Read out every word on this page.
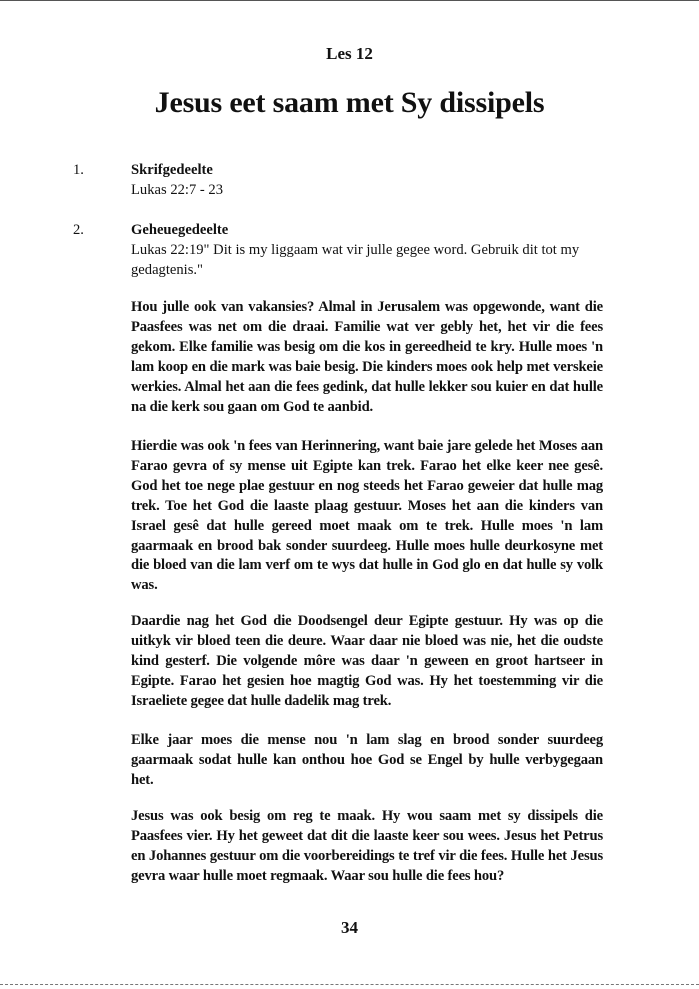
Les 12
Jesus eet saam met Sy dissipels
1.	Skrifgedeelte
Lukas 22:7 - 23
2.	Geheuegedeelte
Lukas 22:19" Dit is my liggaam wat vir julle gegee word. Gebruik dit tot my gedagtenis."
Hou julle ook van vakansies? Almal in Jerusalem was opgewonde, want die Paasfees was net om die draai. Familie wat ver gebly het, het vir die fees gekom. Elke familie was besig om die kos in gereedheid te kry. Hulle moes 'n lam koop en die mark was baie besig. Die kinders moes ook help met verskeie werkies. Almal het aan die fees gedink, dat hulle lekker sou kuier en dat hulle na die kerk sou gaan om God te aanbid.
Hierdie was ook 'n fees van Herinnering, want baie jare gelede het Moses aan Farao gevra of sy mense uit Egipte kan trek. Farao het elke keer nee gesê. God het toe nege plae gestuur en nog steeds het Farao geweier dat hulle mag trek. Toe het God die laaste plaag gestuur. Moses het aan die kinders van Israel gesê dat hulle gereed moet maak om te trek. Hulle moes 'n lam gaarmaak en brood bak sonder suurdeeg. Hulle moes hulle deurkosyne met die bloed van die lam verf om te wys dat hulle in God glo en dat hulle sy volk was.
Daardie nag het God die Doodsengel deur Egipte gestuur. Hy was op die uitkyk vir bloed teen die deure. Waar daar nie bloed was nie, het die oudste kind gesterf. Die volgende môre was daar 'n geween en groot hartseer in Egipte. Farao het gesien hoe magtig God was. Hy het toestemming vir die Israeliete gegee dat hulle dadelik mag trek.
Elke jaar moes die mense nou 'n lam slag en brood sonder suurdeeg gaarmaak sodat hulle kan onthou hoe God se Engel by hulle verbygegaan het.
Jesus was ook besig om reg te maak. Hy wou saam met sy dissipels die Paasfees vier. Hy het geweet dat dit die laaste keer sou wees. Jesus het Petrus en Johannes gestuur om die voorbereidings te tref vir die fees. Hulle het Jesus gevra waar hulle moet regmaak. Waar sou hulle die fees hou?
34
